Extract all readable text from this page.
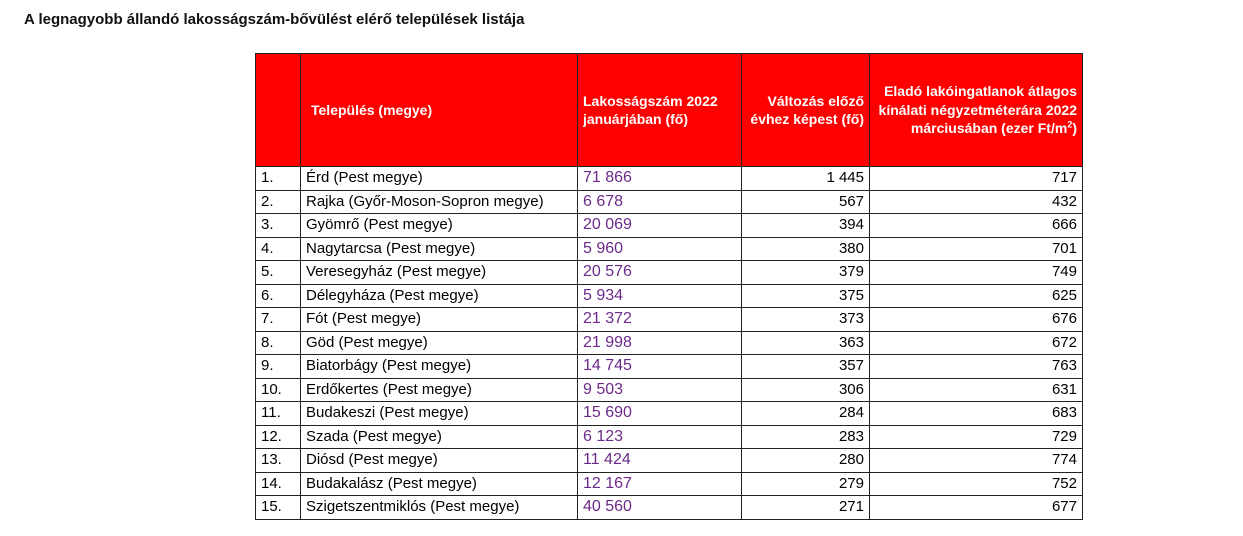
A legnagyobb állandó lakosságszám-bővülést elérő települések listája
	Település (megye)	Lakosságszám 2022 januárjában (fő)	Változás előző évhez képest (fő)	Eladó lakóingatlanok átlagos kínálati négyzetméterára 2022 márciusában (ezer $Ft/m^2$)
1.	Érd (Pest megye)	71 866	1 445	717
2.	Rajka (Győr-Moson-Sopron megye)	6 678	567	432
3.	Gyömrő (Pest megye)	20 069	394	666
4.	Nagytarcsa (Pest megye)	5 960	380	701
5.	Veresegyház (Pest megye)	20 576	379	749
6.	Délegyháza (Pest megye)	5 934	375	625
7.	Fót (Pest megye)	21 372	373	676
8.	Göd (Pest megye)	21 998	363	672
9.	Biatorbágy (Pest megye)	14 745	357	763
10.	Erdőkertes (Pest megye)	9 503	306	631
11.	Budakeszi (Pest megye)	15 690	284	683
12.	Szada (Pest megye)	6 123	283	729
13.	Diósd (Pest megye)	11 424	280	774
14.	Budakalász (Pest megye)	12 167	279	752
15.	Szigetszentmiklós (Pest megye)	40 560	271	677
